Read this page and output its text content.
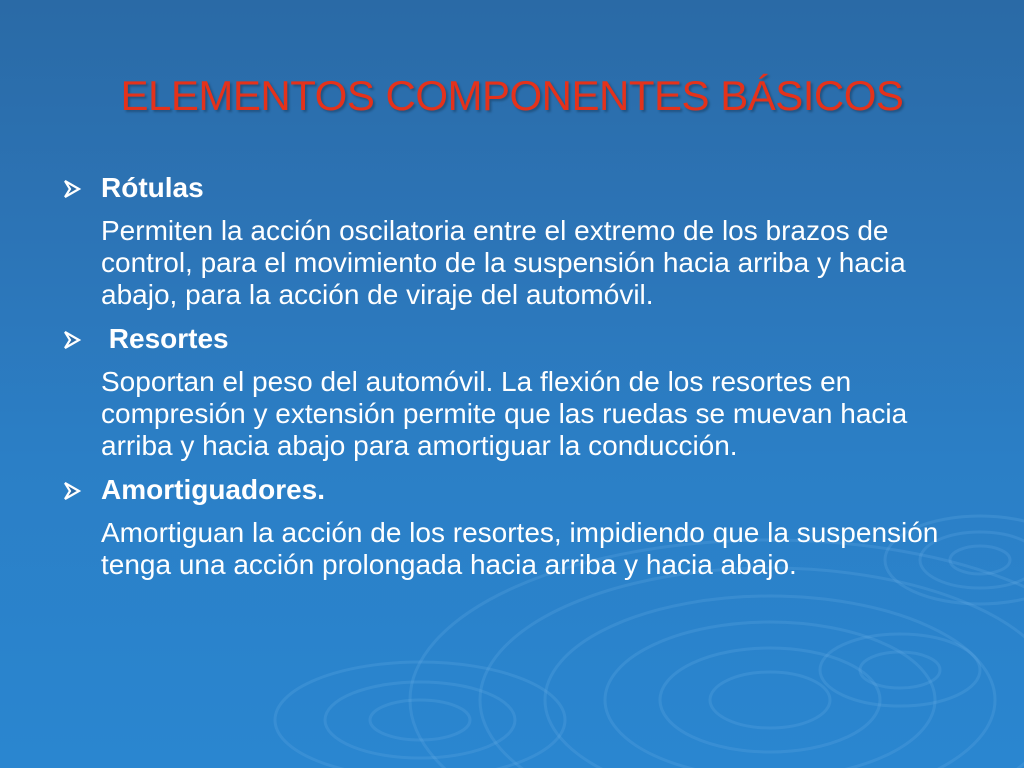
ELEMENTOS COMPONENTES BÁSICOS
Rótulas
Permiten la acción oscilatoria entre el extremo de los brazos de control, para el movimiento de la suspensión hacia arriba y hacia abajo, para la acción de viraje del automóvil.
Resortes
Soportan el peso del automóvil. La flexión de los resortes en compresión y extensión permite que las ruedas se muevan hacia arriba y hacia abajo para amortiguar la conducción.
Amortiguadores.
Amortiguan la acción de los resortes, impidiendo que la suspensión tenga una acción prolongada hacia arriba y hacia abajo.
